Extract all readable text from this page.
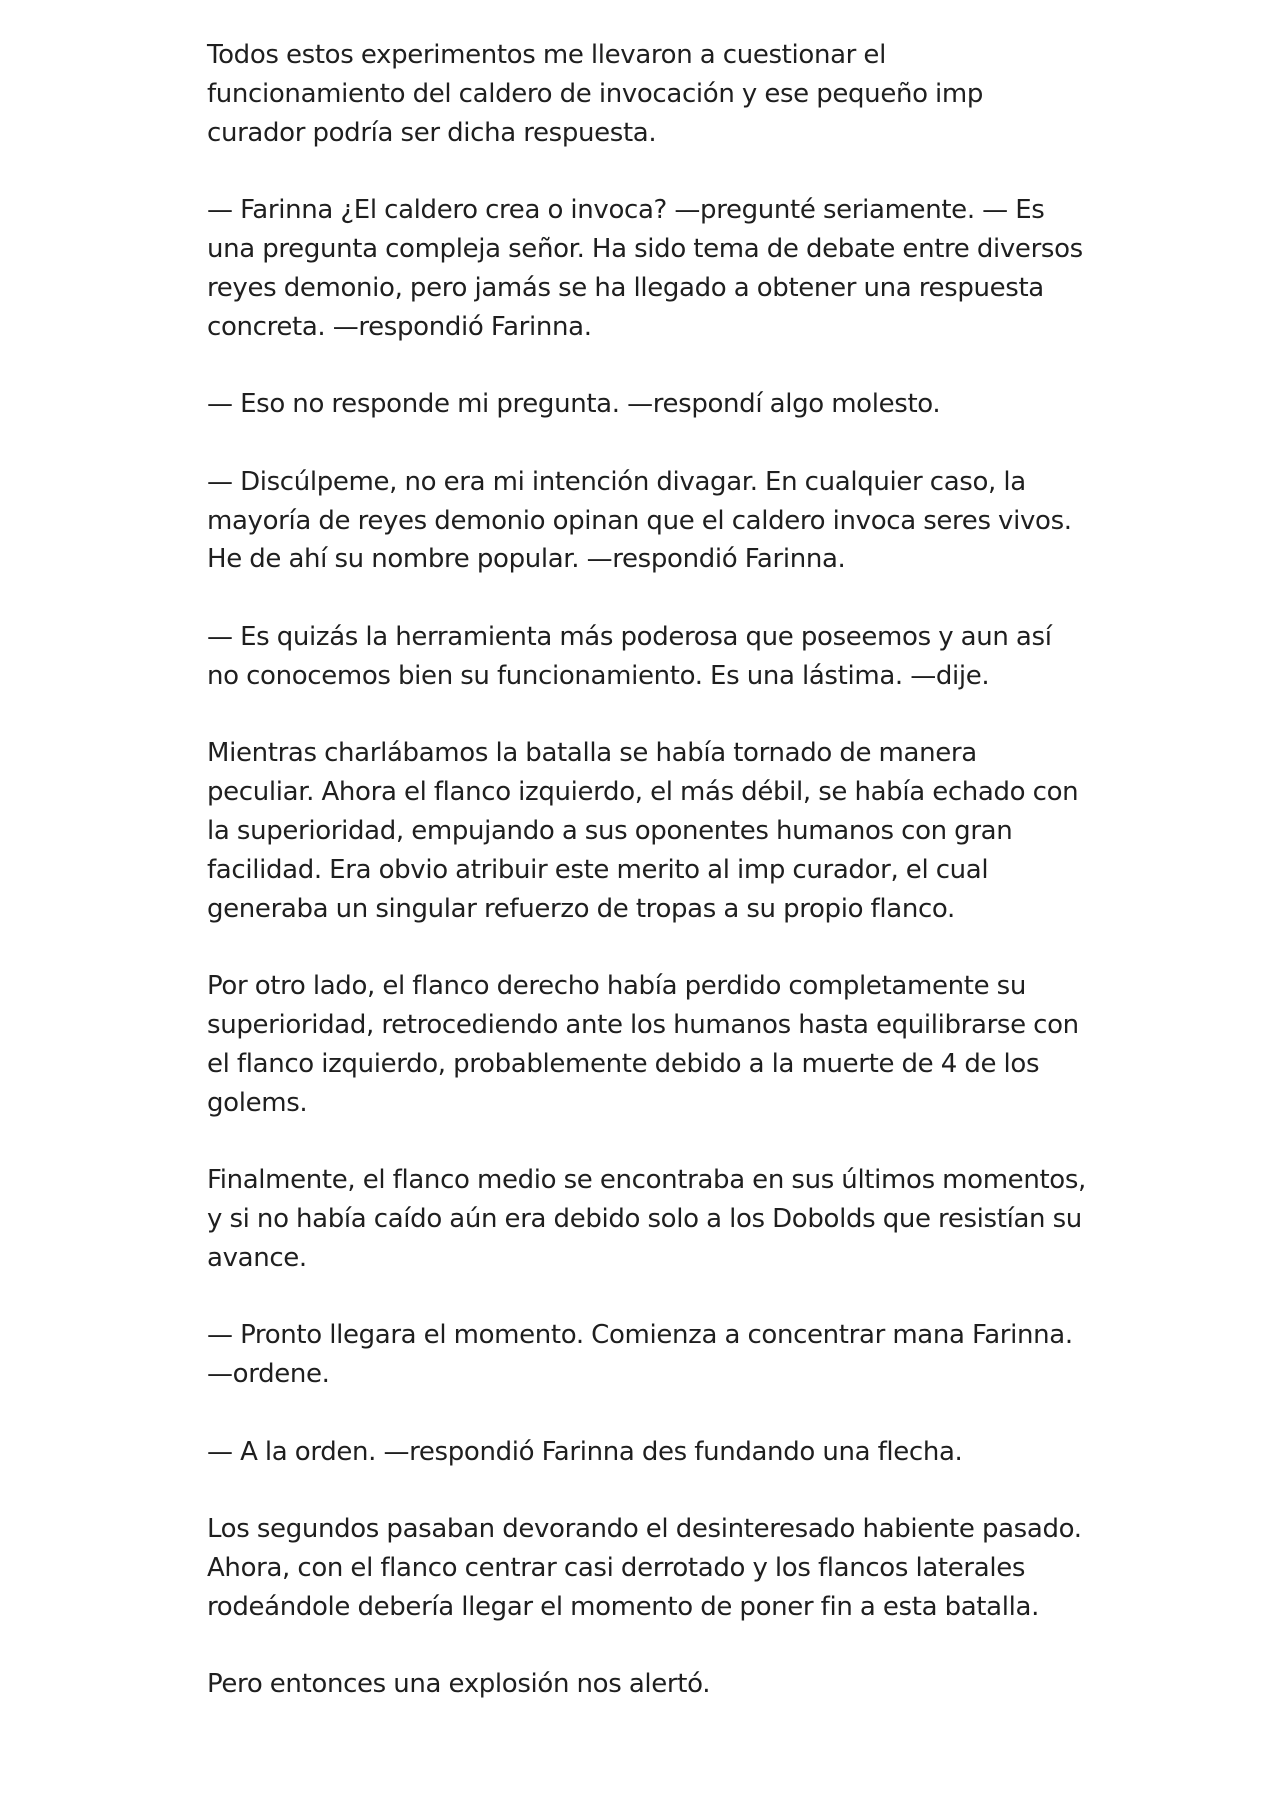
Todos estos experimentos me llevaron a cuestionar el funcionamiento del caldero de invocación y ese pequeño imp curador podría ser dicha respuesta.

— Farinna ¿El caldero crea o invoca? —pregunté seriamente. — Es una pregunta compleja señor. Ha sido tema de debate entre diversos reyes demonio, pero jamás se ha llegado a obtener una respuesta concreta. —respondió Farinna.

— Eso no responde mi pregunta. —respondí algo molesto.

— Discúlpeme, no era mi intención divagar. En cualquier caso, la mayoría de reyes demonio opinan que el caldero invoca seres vivos. He de ahí su nombre popular. —respondió Farinna.

— Es quizás la herramienta más poderosa que poseemos y aun así no conocemos bien su funcionamiento. Es una lástima. —dije.

Mientras charlábamos la batalla se había tornado de manera peculiar. Ahora el flanco izquierdo, el más débil, se había echado con la superioridad, empujando a sus oponentes humanos con gran facilidad. Era obvio atribuir este merito al imp curador, el cual generaba un singular refuerzo de tropas a su propio flanco.

Por otro lado, el flanco derecho había perdido completamente su superioridad, retrocediendo ante los humanos hasta equilibrarse con el flanco izquierdo, probablemente debido a la muerte de 4 de los golems.

Finalmente, el flanco medio se encontraba en sus últimos momentos, y si no había caído aún era debido solo a los Dobolds que resistían su avance.

— Pronto llegara el momento. Comienza a concentrar mana Farinna. —ordene.

— A la orden. —respondió Farinna des fundando una flecha.

Los segundos pasaban devorando el desinteresado habiente pasado. Ahora, con el flanco centrar casi derrotado y los flancos laterales rodeándole debería llegar el momento de poner fin a esta batalla.

Pero entonces una explosión nos alertó.
